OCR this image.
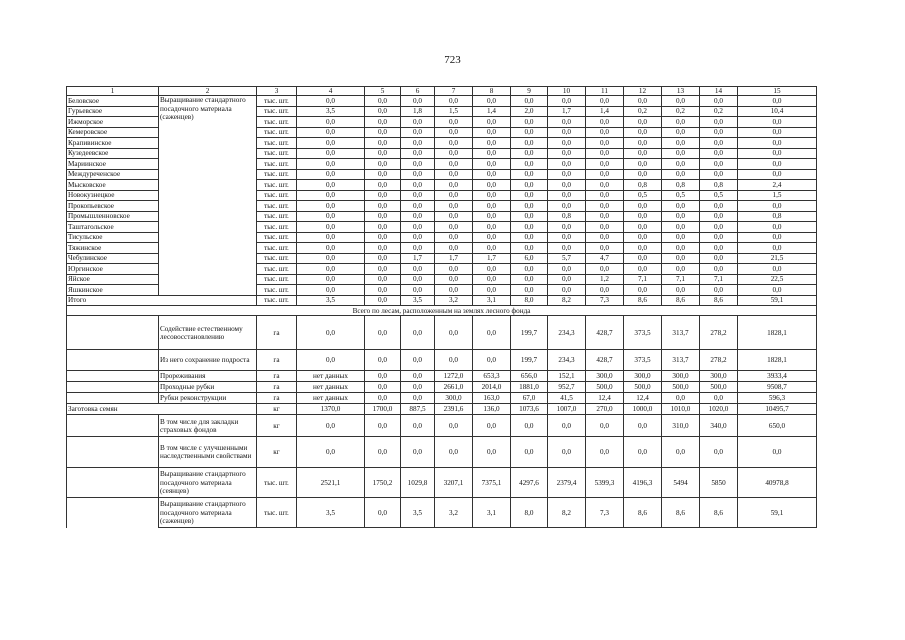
723
1	2	3	4	5	6	7	8	9	10	11	12	13	14	15
Беловское	Выращивание стандартного посадочного материала (саженцев)	тыс. шт.	0,0	0,0	0,0	0,0	0,0	0,0	0,0	0,0	0,0	0,0	0,0	0,0
Гурьевское		тыс. шт.	3,5	0,0	1,8	1,5	1,4	2,0	1,7	1,4	0,2	0,2	0,2	10,4
Ижморское		тыс. шт.	0,0	0,0	0,0	0,0	0,0	0,0	0,0	0,0	0,0	0,0	0,0	0,0
Кемеровское		тыс. шт.	0,0	0,0	0,0	0,0	0,0	0,0	0,0	0,0	0,0	0,0	0,0	0,0
Крапивинское		тыс. шт.	0,0	0,0	0,0	0,0	0,0	0,0	0,0	0,0	0,0	0,0	0,0	0,0
Кузедеевское		тыс. шт.	0,0	0,0	0,0	0,0	0,0	0,0	0,0	0,0	0,0	0,0	0,0	0,0
Мариинское		тыс. шт.	0,0	0,0	0,0	0,0	0,0	0,0	0,0	0,0	0,0	0,0	0,0	0,0
Междуреченское		тыс. шт.	0,0	0,0	0,0	0,0	0,0	0,0	0,0	0,0	0,0	0,0	0,0	0,0
Мысковское		тыс. шт.	0,0	0,0	0,0	0,0	0,0	0,0	0,0	0,0	0,8	0,8	0,8	2,4
Новокузнецкое		тыс. шт.	0,0	0,0	0,0	0,0	0,0	0,0	0,0	0,0	0,5	0,5	0,5	1,5
Прокопьевское		тыс. шт.	0,0	0,0	0,0	0,0	0,0	0,0	0,0	0,0	0,0	0,0	0,0	0,0
Промышленновское		тыс. шт.	0,0	0,0	0,0	0,0	0,0	0,0	0,8	0,0	0,0	0,0	0,0	0,8
Таштагольское		тыс. шт.	0,0	0,0	0,0	0,0	0,0	0,0	0,0	0,0	0,0	0,0	0,0	0,0
Тисульское		тыс. шт.	0,0	0,0	0,0	0,0	0,0	0,0	0,0	0,0	0,0	0,0	0,0	0,0
Тяжинское		тыс. шт.	0,0	0,0	0,0	0,0	0,0	0,0	0,0	0,0	0,0	0,0	0,0	0,0
Чебулинское		тыс. шт.	0,0	0,0	1,7	1,7	1,7	6,0	5,7	4,7	0,0	0,0	0,0	21,5
Юргинское		тыс. шт.	0,0	0,0	0,0	0,0	0,0	0,0	0,0	0,0	0,0	0,0	0,0	0,0
Яйское		тыс. шт.	0,0	0,0	0,0	0,0	0,0	0,0	0,0	1,2	7,1	7,1	7,1	22,5
Яшкинское		тыс. шт.	0,0	0,0	0,0	0,0	0,0	0,0	0,0	0,0	0,0	0,0	0,0	0,0
Итого		тыс. шт.	3,5	0,0	3,5	3,2	3,1	8,0	8,2	7,3	8,6	8,6	8,6	59,1
Всего по лесам, расположенным на землях лесного фонда														
	Содействие естественному лесовосстановлению	га	0,0	0,0	0,0	0,0	0,0	199,7	234,3	428,7	373,5	313,7	278,2	1828,1
	Из него сохранение подроста	га	0,0	0,0	0,0	0,0	0,0	199,7	234,3	428,7	373,5	313,7	278,2	1828,1
	Прореживания	га	нет данных	0,0	0,0	1272,0	653,3	656,0	152,1	300,0	300,0	300,0	300,0	3933,4
	Проходные рубки	га	нет данных	0,0	0,0	2661,0	2014,0	1881,0	952,7	500,0	500,0	500,0	500,0	9508,7
	Рубки реконструкции	га	нет данных	0,0	0,0	300,0	163,0	67,0	41,5	12,4	12,4	0,0	0,0	596,3
Заготовка семян		кг	1370,0	1700,0	887,5	2391,6	136,0	1073,6	1007,0	270,0	1000,0	1010,0	1020,0	10495,7
	В том числе для закладки страховых фондов	кг	0,0	0,0	0,0	0,0	0,0	0,0	0,0	0,0	0,0	310,0	340,0	650,0
	В том числе с улучшенными наследственными свойствами	кг	0,0	0,0	0,0	0,0	0,0	0,0	0,0	0,0	0,0	0,0	0,0	0,0
	Выращивание стандартного посадочного материала (сеянцев)	тыс. шт.	2521,1	1750,2	1029,8	3207,1	7375,1	4297,6	2379,4	5399,3	4196,3	5494	5850	40978,8
	Выращивание стандартного посадочного материала (саженцев)	тыс. шт.	3,5	0,0	3,5	3,2	3,1	8,0	8,2	7,3	8,6	8,6	8,6	59,1
